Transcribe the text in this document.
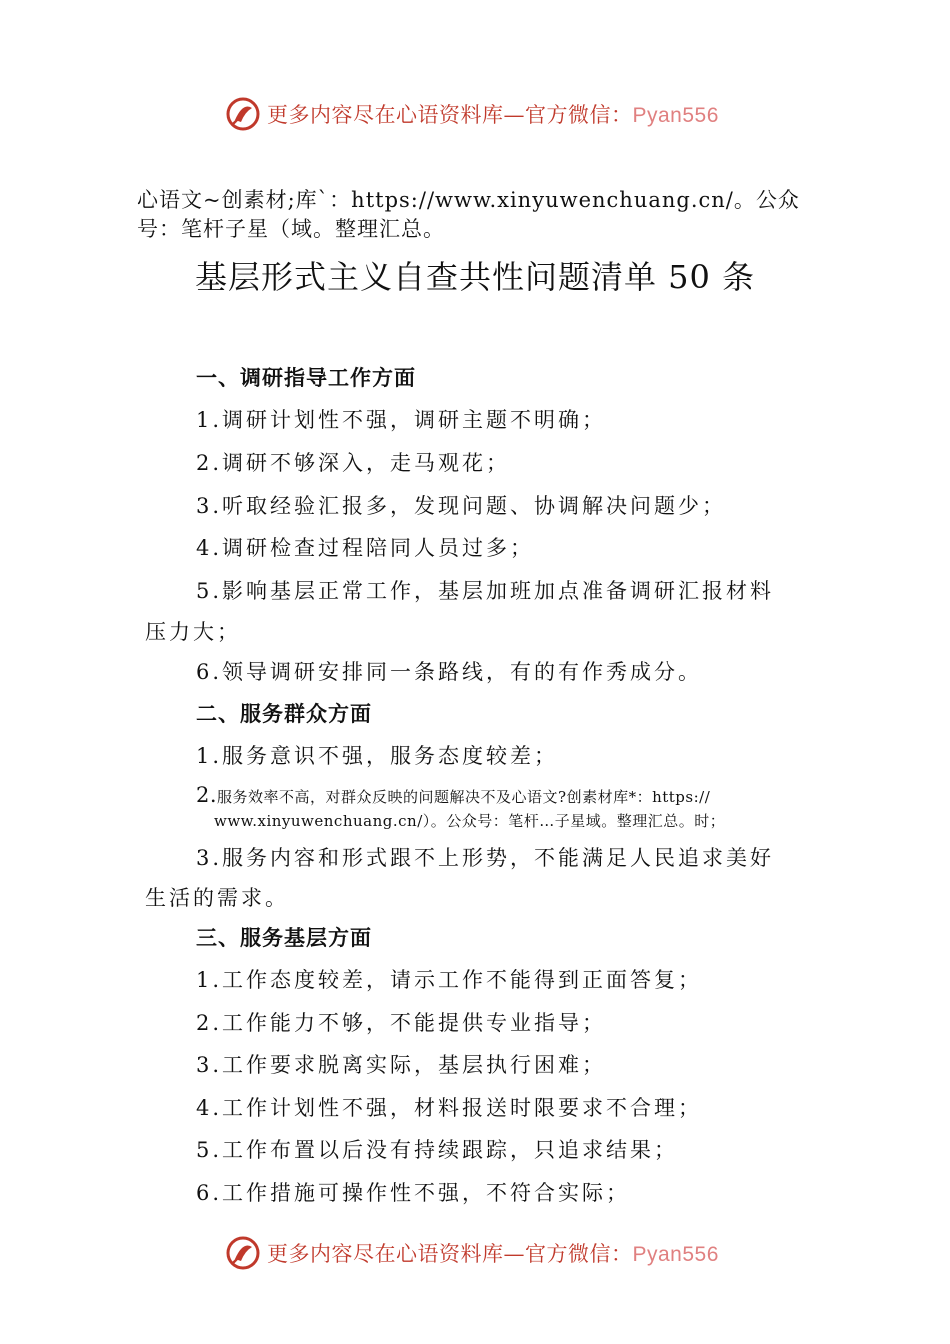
更多内容尽在心语资料库—官方微信：Pyan556
心语文~创素材;库`：https://www.xinyuwenchuang.cn/。公众号：笔杆子星（域。整理汇总。
基层形式主义自查共性问题清单 50 条
一、调研指导工作方面
1.调研计划性不强，调研主题不明确；
2.调研不够深入，走马观花；
3.听取经验汇报多，发现问题、协调解决问题少；
4.调研检查过程陪同人员过多；
5.影响基层正常工作，基层加班加点准备调研汇报材料
压力大；
6.领导调研安排同一条路线，有的有作秀成分。
二、服务群众方面
1.服务意识不强，服务态度较差；
2.服务效率不高，对群众反映的问题解决不及心语文?创素材库*：https://
www.xinyuwenchuang.cn/）。公众号：笔杆…子星域。整理汇总。时；
3.服务内容和形式跟不上形势，不能满足人民追求美好
生活的需求。
三、服务基层方面
1.工作态度较差，请示工作不能得到正面答复；
2.工作能力不够，不能提供专业指导；
3.工作要求脱离实际，基层执行困难；
4.工作计划性不强，材料报送时限要求不合理；
5.工作布置以后没有持续跟踪，只追求结果；
6.工作措施可操作性不强，不符合实际；
更多内容尽在心语资料库—官方微信：Pyan556
